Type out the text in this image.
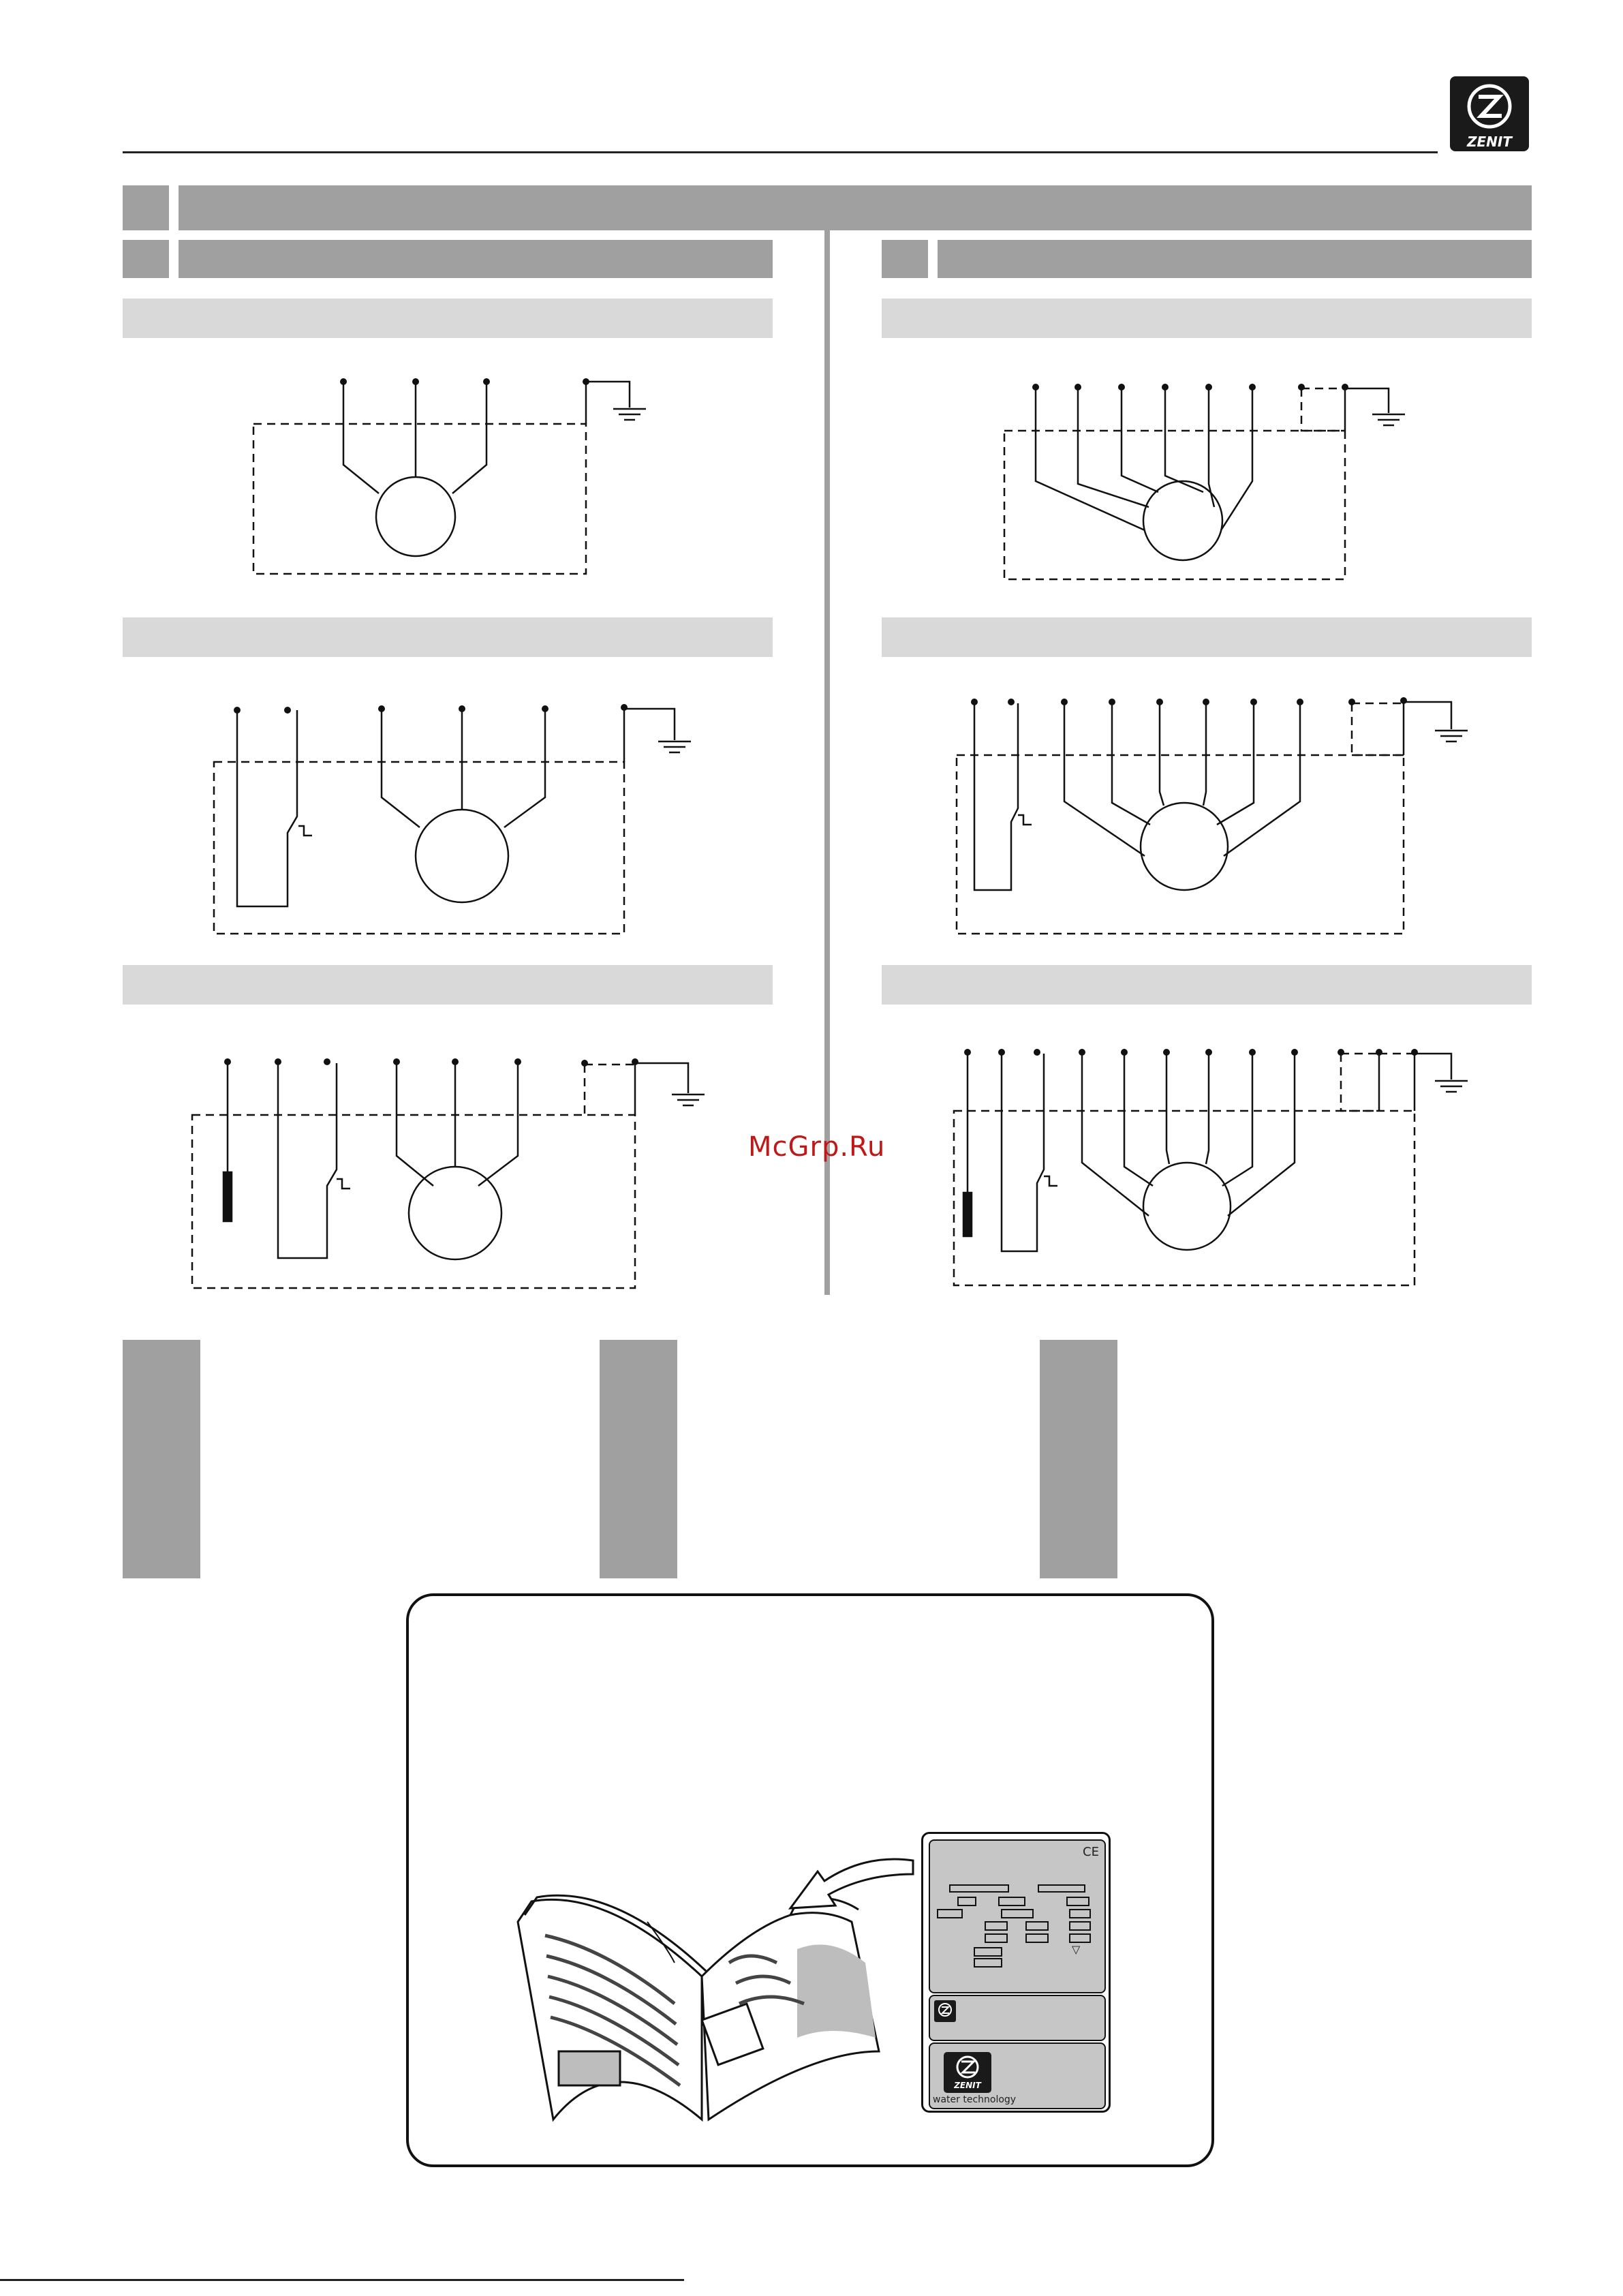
ZENIT
McGrp.Ru
CE
▽
ZENIT
water technology
